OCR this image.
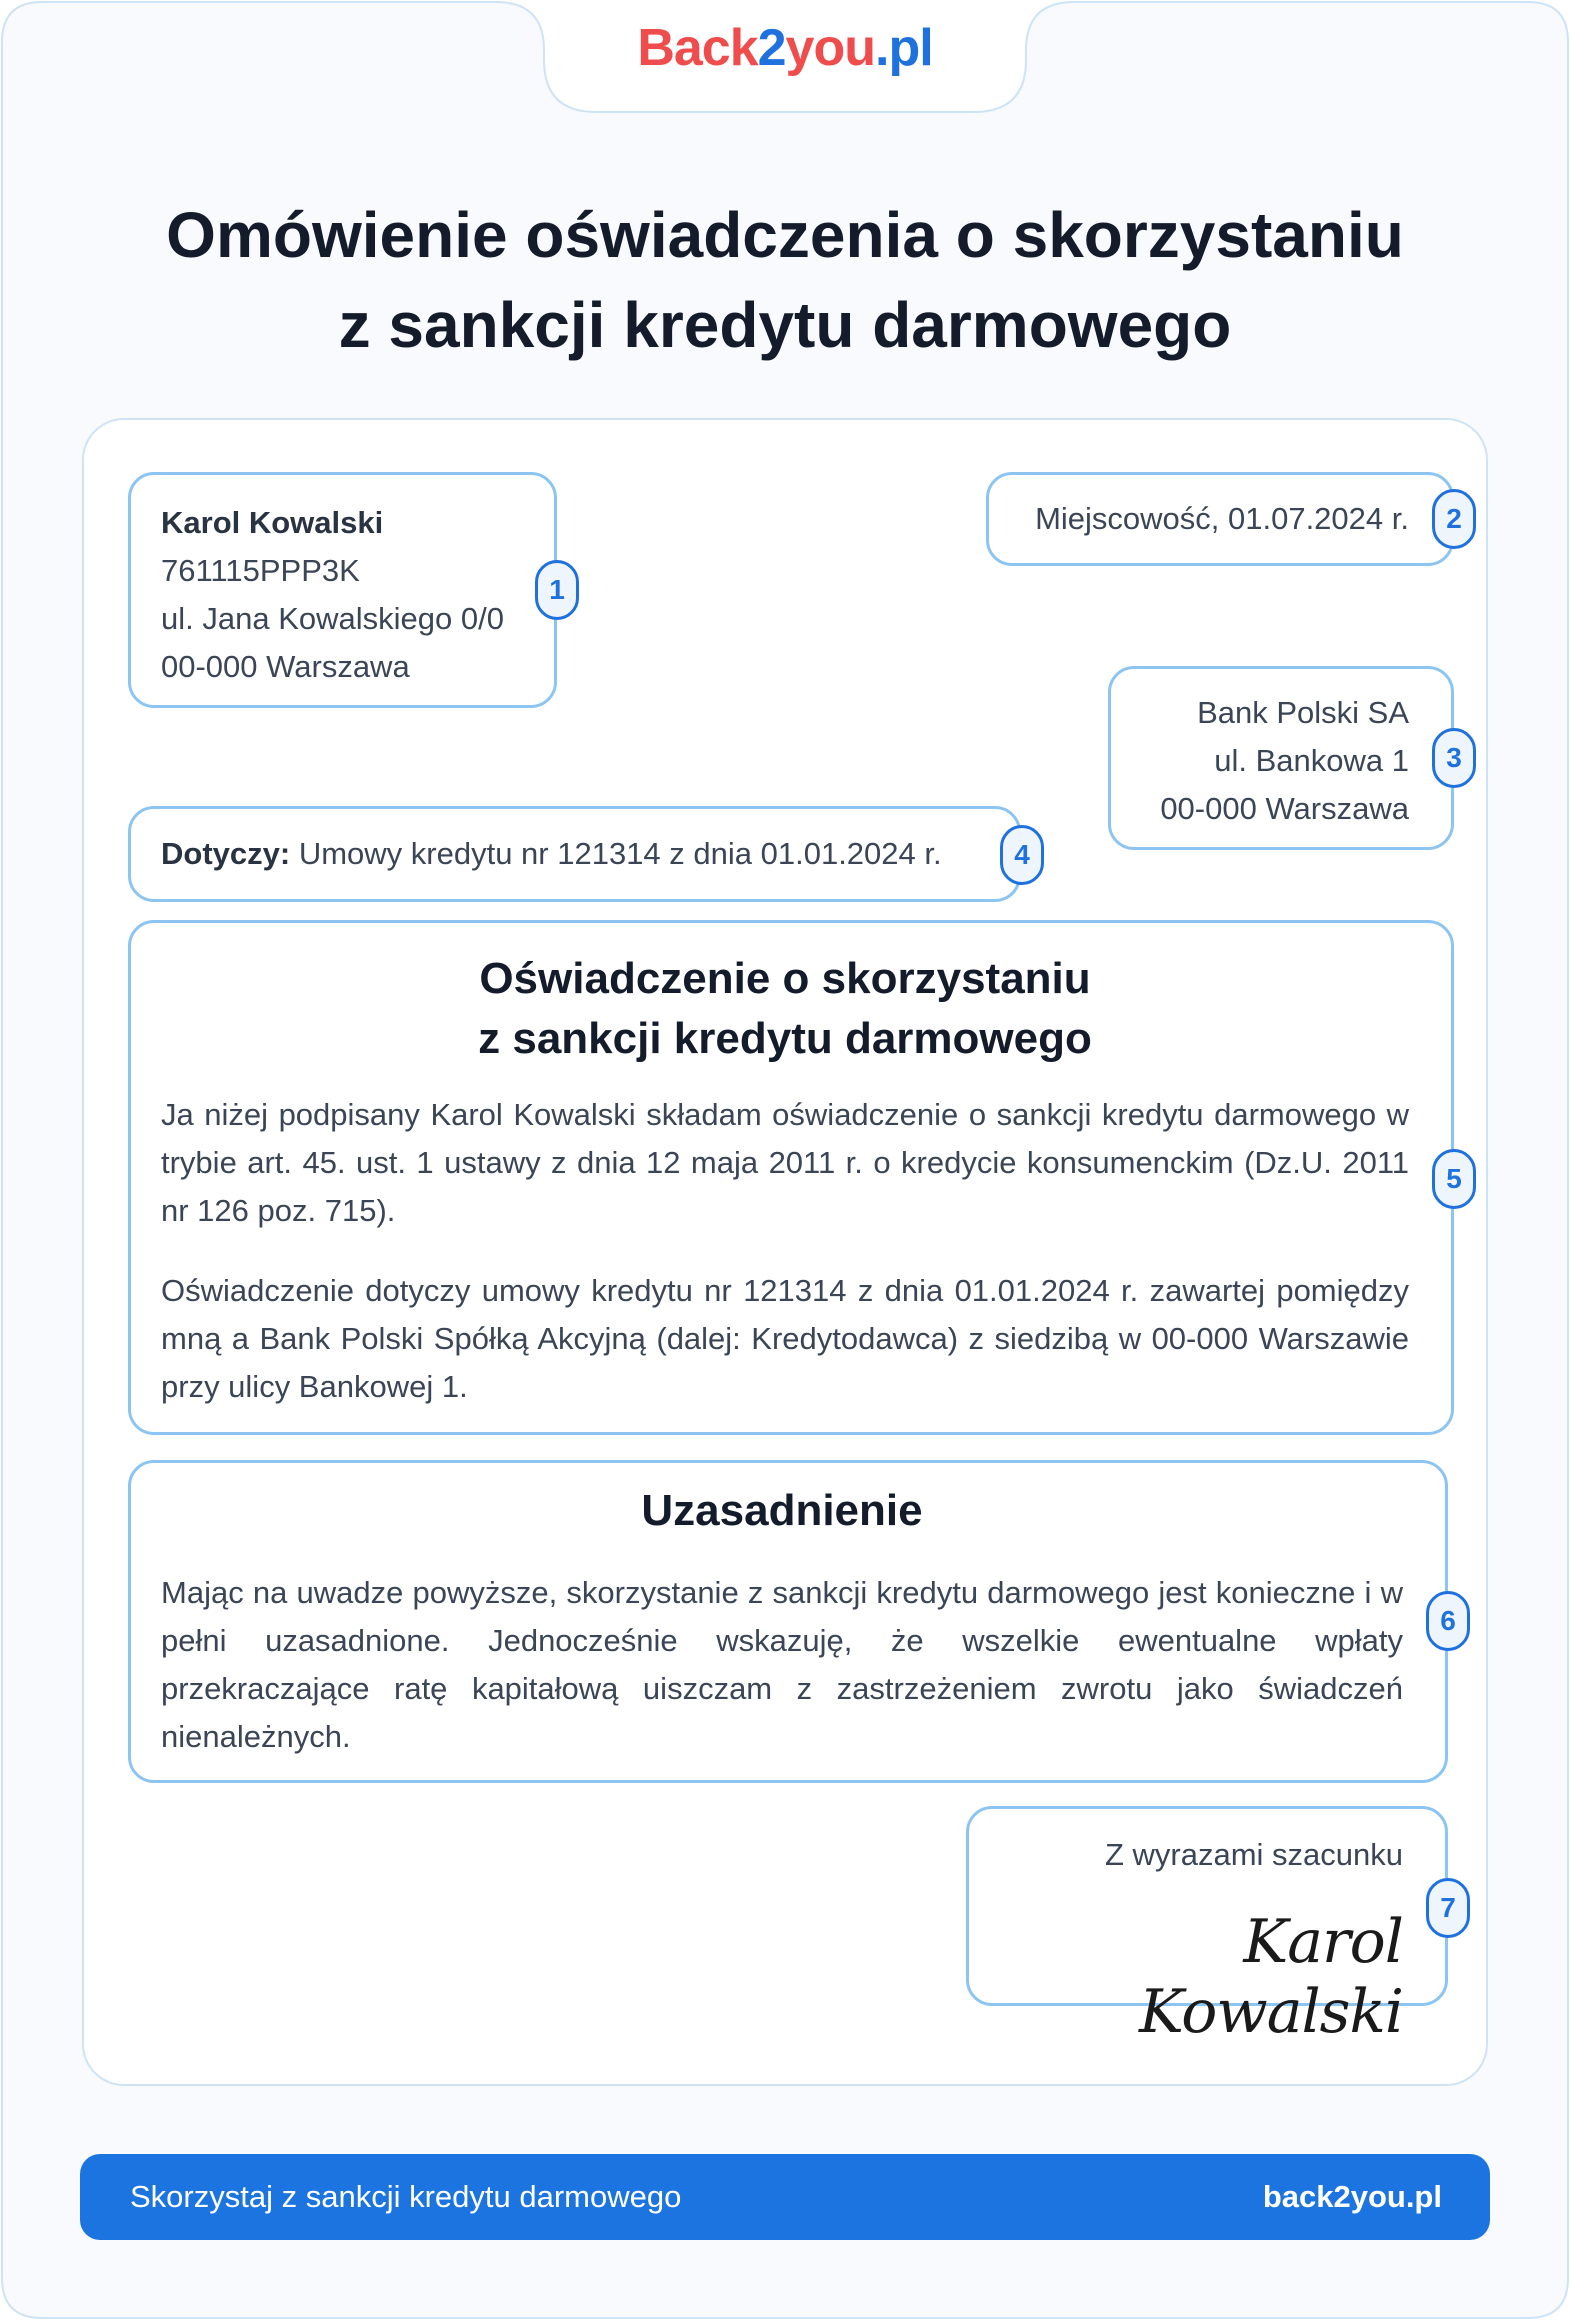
Back2you.pl
Omówienie oświadczenia o skorzystaniu
z sankcji kredytu darmowego
Karol Kowalski
761115PPP3K
ul. Jana Kowalskiego 0/0
00-000 Warszawa
1
Miejscowość, 01.07.2024 r.	2
Bank Polski SA
ul. Bankowa 1
00-000 Warszawa
3
Dotyczy: Umowy kredytu nr 121314 z dnia 01.01.2024 r.	4
Oświadczenie o skorzystaniu
z sankcji kredytu darmowego

Ja niżej podpisany Karol Kowalski składam oświadczenie o sankcji kredytu darmowego w trybie art. 45. ust. 1 ustawy z dnia 12 maja 2011 r. o kredycie konsumenckim (Dz.U. 2011 nr 126 poz. 715).

Oświadczenie dotyczy umowy kredytu nr 121314 z dnia 01.01.2024 r. zawartej pomiędzy mną a Bank Polski Spółką Akcyjną (dalej: Kredytodawca) z siedzibą w 00-000 Warszawie przy ulicy Bankowej 1.

5
Uzasadnienie

Mając na uwadze powyższe, skorzystanie z sankcji kredytu darmowego jest konieczne i w pełni uzasadnione. Jednocześnie wskazuję, że wszelkie ewentualne wpłaty przekraczające ratę kapitałową uiszczam z zastrzeżeniem zwrotu jako świadczeń nienależnych.

6
Z wyrazami szacunku
Karol Kowalski
7
Skorzystaj z sankcji kredytu darmowego	back2you.pl
